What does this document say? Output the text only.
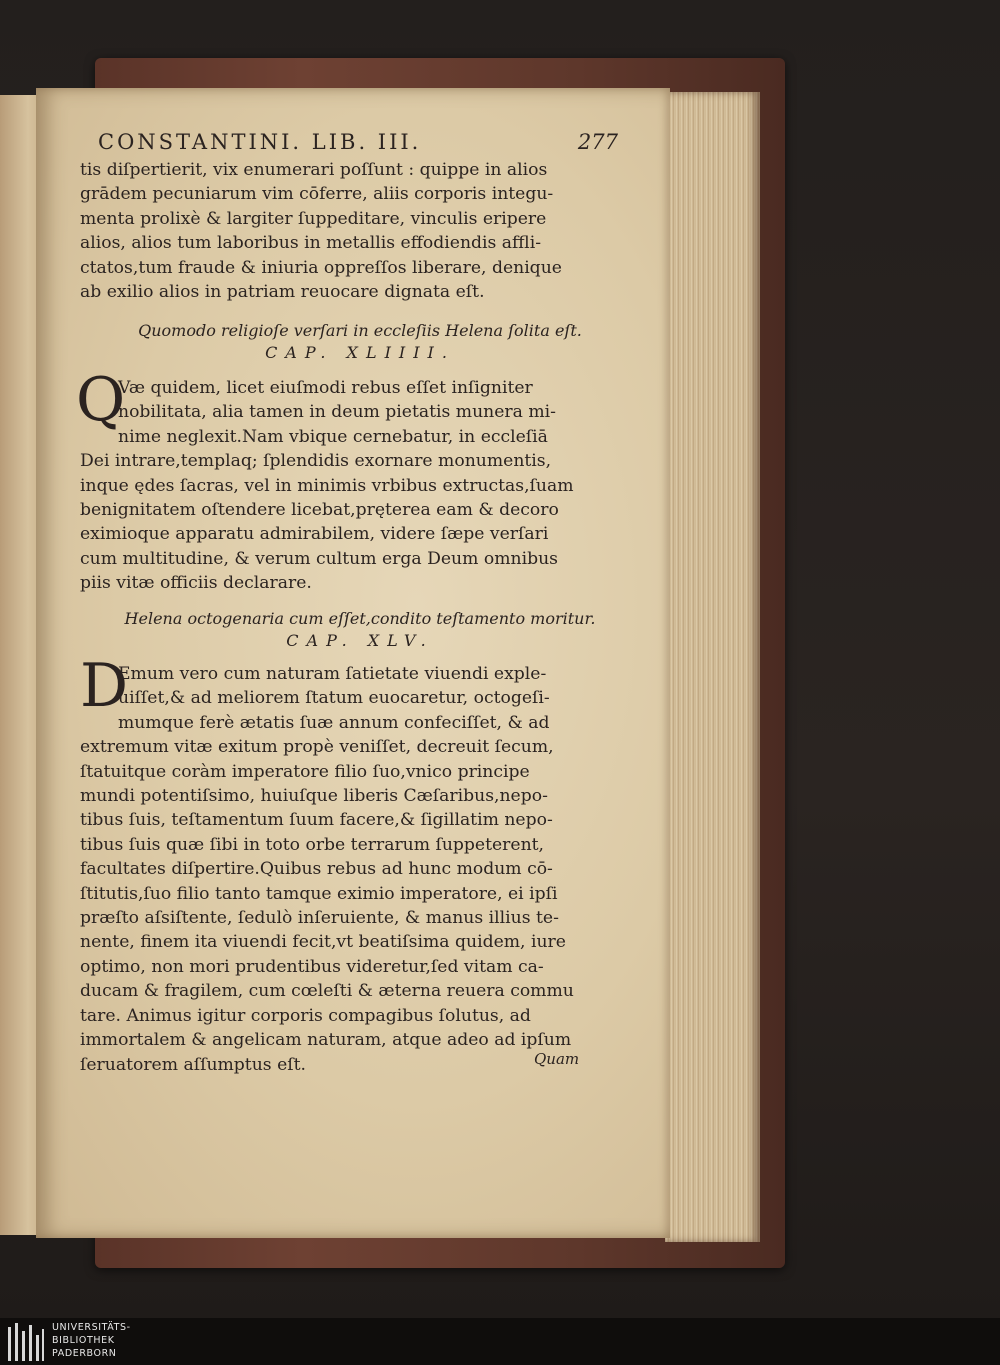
CONSTANTINI. LIB. III.	277
tis diſpertierit, vix enumerari poſſunt : quippe in alios
grādem pecuniarum vim cōferre, aliis corporis integu-
menta prolixè & largiter ſuppeditare, vinculis eripere
alios, alios tum laboribus in metallis effodiendis affli-
ctatos,tum fraude & iniuria oppreſſos liberare, denique
ab exilio alios in patriam reuocare dignata eſt.
Quomodo religioſe verſari in eccleſiis Helena ſolita eſt.
CAP. XLIIII.
Q
Væ quidem, licet eiuſmodi rebus eſſet inſigniter
nobilitata, alia tamen in deum pietatis munera mi-
nime neglexit.Nam vbique cernebatur, in eccleſiā
Dei intrare,templaq; ſplendidis exornare monumentis,
inque ędes ſacras, vel in minimis vrbibus extructas,ſuam
benignitatem oſtendere licebat,pręterea eam & decoro
eximioque apparatu admirabilem, videre ſæpe verſari
cum multitudine, & verum cultum erga Deum omnibus
piis vitæ officiis declarare.
Helena octogenaria cum eſſet,condito teſtamento moritur.
CAP. XLV.
D
Emum vero cum naturam ſatietate viuendi exple-
uiſſet,& ad meliorem ſtatum euocaretur, octogeſi-
mumque ferè ætatis ſuæ annum confeciſſet, & ad
extremum vitæ exitum propè veniſſet, decreuit ſecum,
ſtatuitque coràm imperatore filio ſuo,vnico principe
mundi potentiſsimo, huiuſque liberis Cæſaribus,nepo-
tibus ſuis, teſtamentum ſuum facere,& ſigillatim nepo-
tibus ſuis quæ ſibi in toto orbe terrarum ſuppeterent,
facultates diſpertire.Quibus rebus ad hunc modum cō-
ſtitutis,ſuo filio tanto tamque eximio imperatore, ei ipſi
præſto aſsiſtente, ſedulò inſeruiente, & manus illius te-
nente, finem ita viuendi fecit,vt beatiſsima quidem, iure
optimo, non mori prudentibus videretur,ſed vitam ca-
ducam & fragilem, cum cœleſti & æterna reuera commu
tare. Animus igitur corporis compagibus ſolutus, ad
immortalem & angelicam naturam, atque adeo ad ipſum
ſeruatorem aſſumptus eſt.	Quam
UNIVERSITÄTS-
BIBLIOTHEK
PADERBORN
